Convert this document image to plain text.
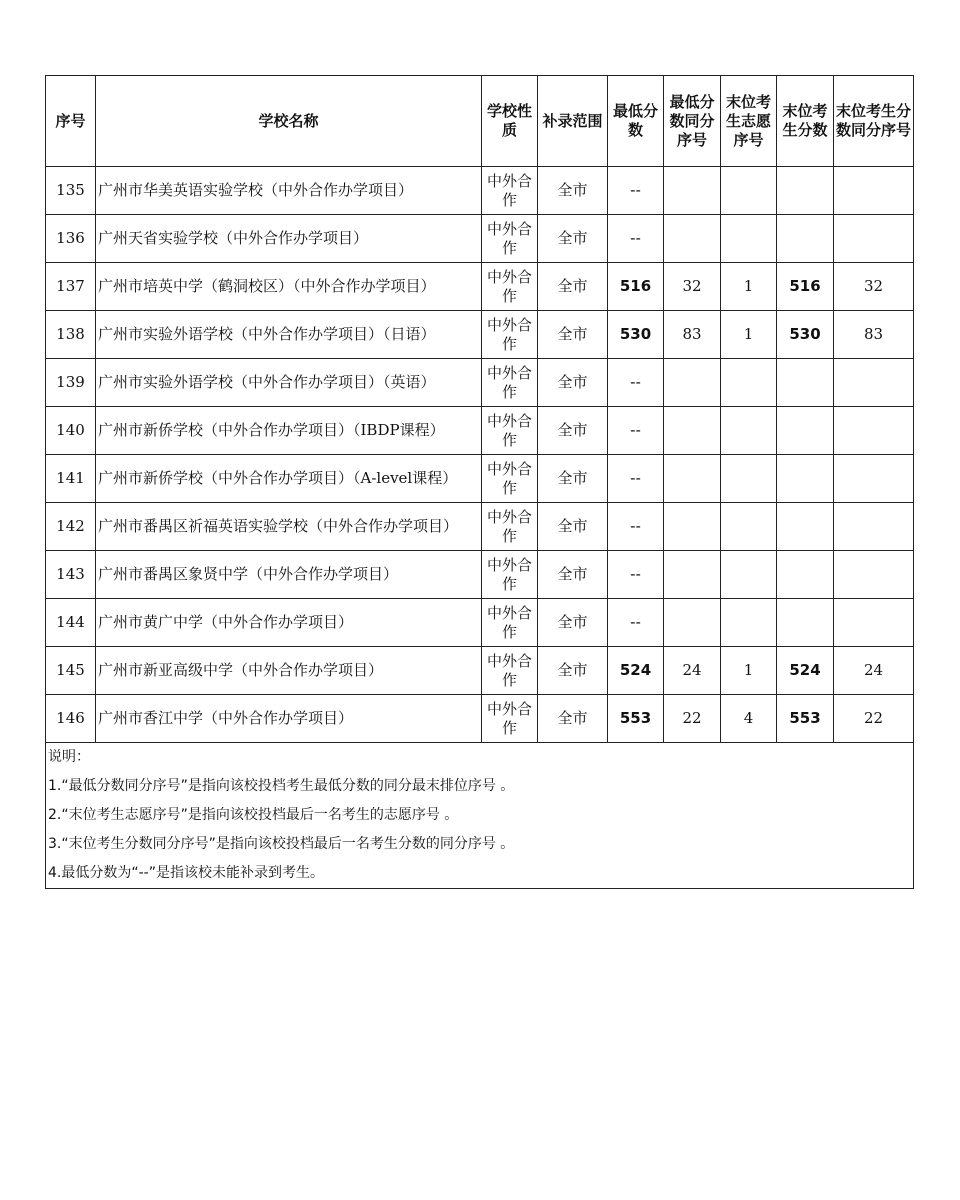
序号	学校名称	学校性质	补录范围	最低分数	最低分数同分序号	末位考生志愿序号	末位考生分数	末位考生分数同分序号
135	广州市华美英语实验学校（中外合作办学项目）	中外合作	全市	--				
136	广州天省实验学校（中外合作办学项目）	中外合作	全市	--				
137	广州市培英中学（鹤洞校区）（中外合作办学项目）	中外合作	全市	516	32	1	516	32
138	广州市实验外语学校（中外合作办学项目）（日语）	中外合作	全市	530	83	1	530	83
139	广州市实验外语学校（中外合作办学项目）（英语）	中外合作	全市	--				
140	广州市新侨学校（中外合作办学项目）（IBDP课程）	中外合作	全市	--				
141	广州市新侨学校（中外合作办学项目）（A-level课程）	中外合作	全市	--				
142	广州市番禺区祈福英语实验学校（中外合作办学项目）	中外合作	全市	--				
143	广州市番禺区象贤中学（中外合作办学项目）	中外合作	全市	--				
144	广州市黄广中学（中外合作办学项目）	中外合作	全市	--				
145	广州市新亚高级中学（中外合作办学项目）	中外合作	全市	524	24	1	524	24
146	广州市香江中学（中外合作办学项目）	中外合作	全市	553	22	4	553	22

说明：
1.“最低分数同分序号”是指向该校投档考生最低分数的同分最末排位序号 。
2.“末位考生志愿序号”是指向该校投档最后一名考生的志愿序号 。
3.“末位考生分数同分序号”是指向该校投档最后一名考生分数的同分序号 。
4.最低分数为“--”是指该校未能补录到考生。								
